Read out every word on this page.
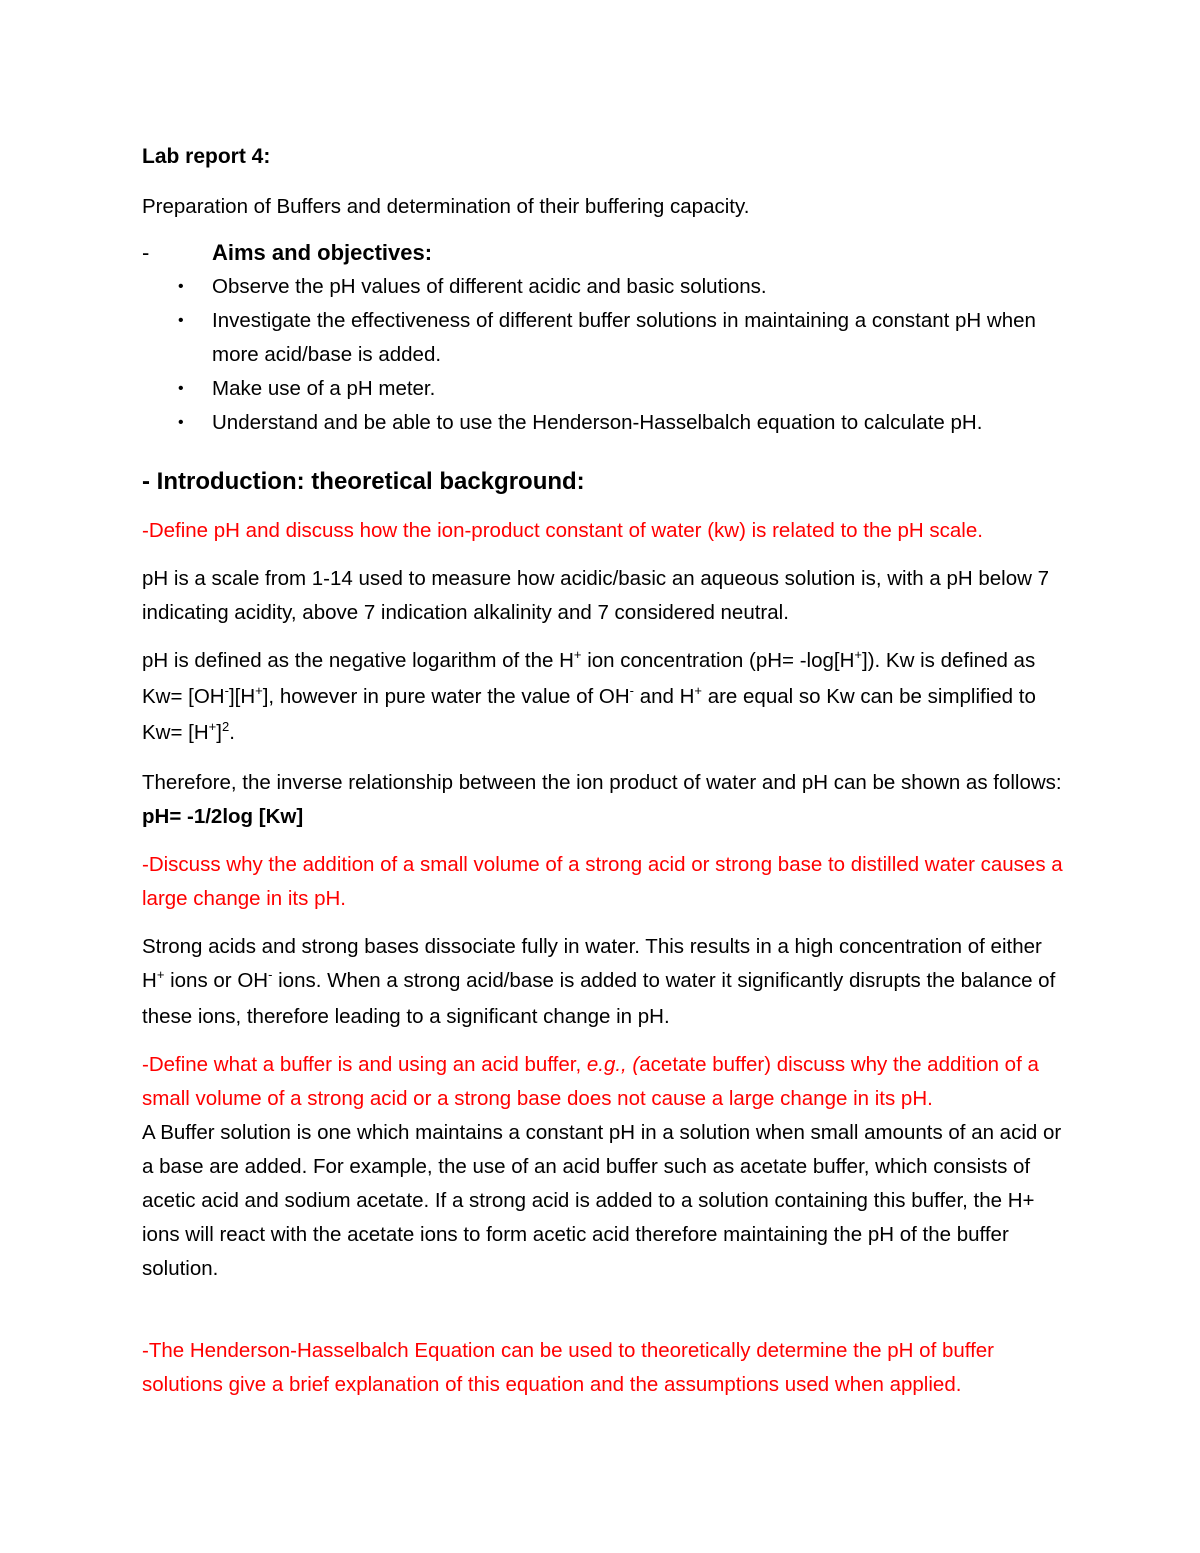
Lab report 4:

Preparation of Buffers and determination of their buffering capacity.

-	Aims and objectives:
• Observe the pH values of different acidic and basic solutions.
• Investigate the effectiveness of different buffer solutions in maintaining a constant pH when more acid/base is added.
• Make use of a pH meter.
• Understand and be able to use the Henderson-Hasselbalch equation to calculate pH.

- Introduction: theoretical background:

-Define pH and discuss how the ion-product constant of water (kw) is related to the pH scale.

pH is a scale from 1-14 used to measure how acidic/basic an aqueous solution is, with a pH below 7 indicating acidity, above 7 indication alkalinity and 7 considered neutral.

pH is defined as the negative logarithm of the H+ ion concentration (pH= -log[H+]). Kw is defined as Kw= [OH-][H+], however in pure water the value of OH- and H+ are equal so Kw can be simplified to $Kw= [H^+]^2$.

Therefore, the inverse relationship between the ion product of water and pH can be shown as follows: pH= -1/2log [Kw]

-Discuss why the addition of a small volume of a strong acid or strong base to distilled water causes a large change in its pH.

Strong acids and strong bases dissociate fully in water. This results in a high concentration of either H+ ions or OH- ions. When a strong acid/base is added to water it significantly disrupts the balance of these ions, therefore leading to a significant change in pH.

-Define what a buffer is and using an acid buffer, e.g., (acetate buffer) discuss why the addition of a small volume of a strong acid or a strong base does not cause a large change in its pH.

A Buffer solution is one which maintains a constant pH in a solution when small amounts of an acid or a base are added. For example, the use of an acid buffer such as acetate buffer, which consists of acetic acid and sodium acetate. If a strong acid is added to a solution containing this buffer, the H+ ions will react with the acetate ions to form acetic acid therefore maintaining the pH of the buffer solution.

-The Henderson-Hasselbalch Equation can be used to theoretically determine the pH of buffer solutions give a brief explanation of this equation and the assumptions used when applied.
